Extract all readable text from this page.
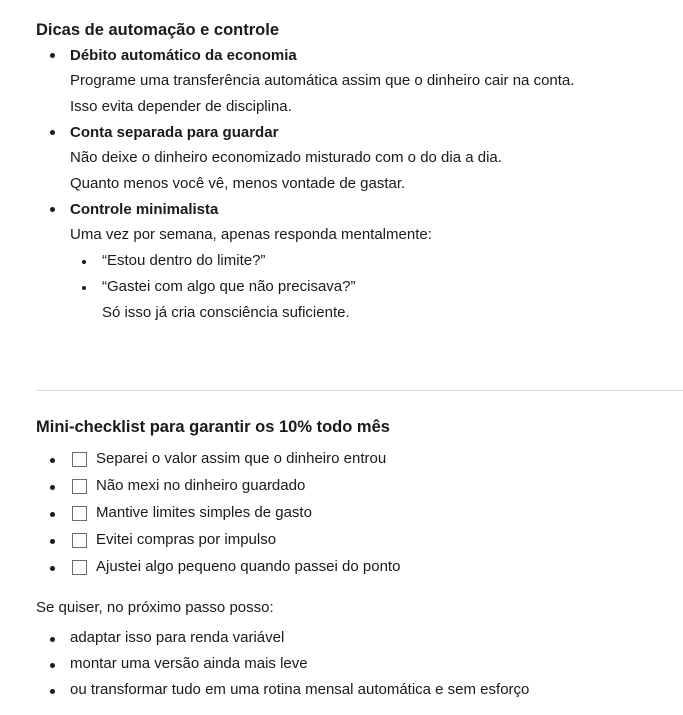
Dicas de automação e controle
Débito automático da economia
Programe uma transferência automática assim que o dinheiro cair na conta.
Isso evita depender de disciplina.
Conta separada para guardar
Não deixe o dinheiro economizado misturado com o do dia a dia.
Quanto menos você vê, menos vontade de gastar.
Controle minimalista
Uma vez por semana, apenas responda mentalmente:
“Estou dentro do limite?”
“Gastei com algo que não precisava?”
Só isso já cria consciência suficiente.
Mini-checklist para garantir os 10% todo mês
Separei o valor assim que o dinheiro entrou
Não mexi no dinheiro guardado
Mantive limites simples de gasto
Evitei compras por impulso
Ajustei algo pequeno quando passei do ponto

Se quiser, no próximo passo posso:

adaptar isso para renda variável
montar uma versão ainda mais leve
ou transformar tudo em uma rotina mensal automática e sem esforço
